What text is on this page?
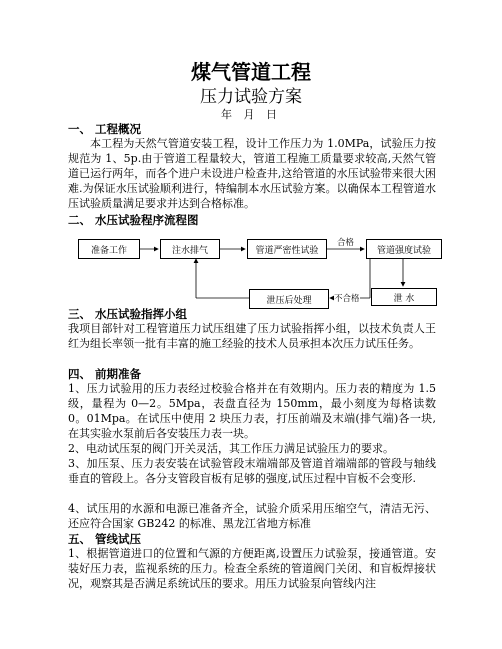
煤气管道工程
压力试验方案
年 月 日
一、 工程概况
本工程为天然气管道安装工程，设计工作压力为 1.0MPa，试验压力按规范为 1、5p.由于管道工程量较大，管道工程施工质量要求较高,天然气管道已运行两年，而各个进户未设进户检查井,这给管道的水压试验带来很大困难.为保证水压试验顺利进行，特编制本水压试验方案。以确保本工程管道水压试验质量满足要求并达到合格标准。
二、 水压试验程序流程图
准备工作	注水排气	管道严密性试验	管道强度试验
泄压后处理	泄 水
合格
不合格
三、 水压试验指挥小组
我项目部针对工程管道压力试压组建了压力试验指挥小组，以技术负责人王红为组长率领一批有丰富的施工经验的技术人员承担本次压力试压任务。
四、 前期准备
1、压力试验用的压力表经过校验合格并在有效期内。压力表的精度为 1.5 级，量程为 0—2。5Mpa，表盘直径为 150mm，最小刻度为每格读数 0。01Mpa。在试压中使用 2 块压力表，打压前端及末端(排气端)各一块,在其实验水泵前后各安装压力表一块。
2、电动试压泵的阀门开关灵活，其工作压力满足试验压力的要求。
3、加压泵、压力表安装在试验管段末端端部及管道首端端部的管段与轴线垂直的管段上。各分支管段盲板有足够的强度,试压过程中盲板不会变形.
4、试压用的水源和电源已准备齐全，试验介质采用压缩空气，清洁无污、还应符合国家 GB242 的标准、黑龙江省地方标准
五、 管线试压
1、根据管道进口的位置和气源的方便距离,设置压力试验泵，接通管道。安装好压力表，监视系统的压力。检查全系统的管道阀门关闭、和盲板焊接状况，观察其是否满足系统试压的要求。用压力试验泵向管线内注
